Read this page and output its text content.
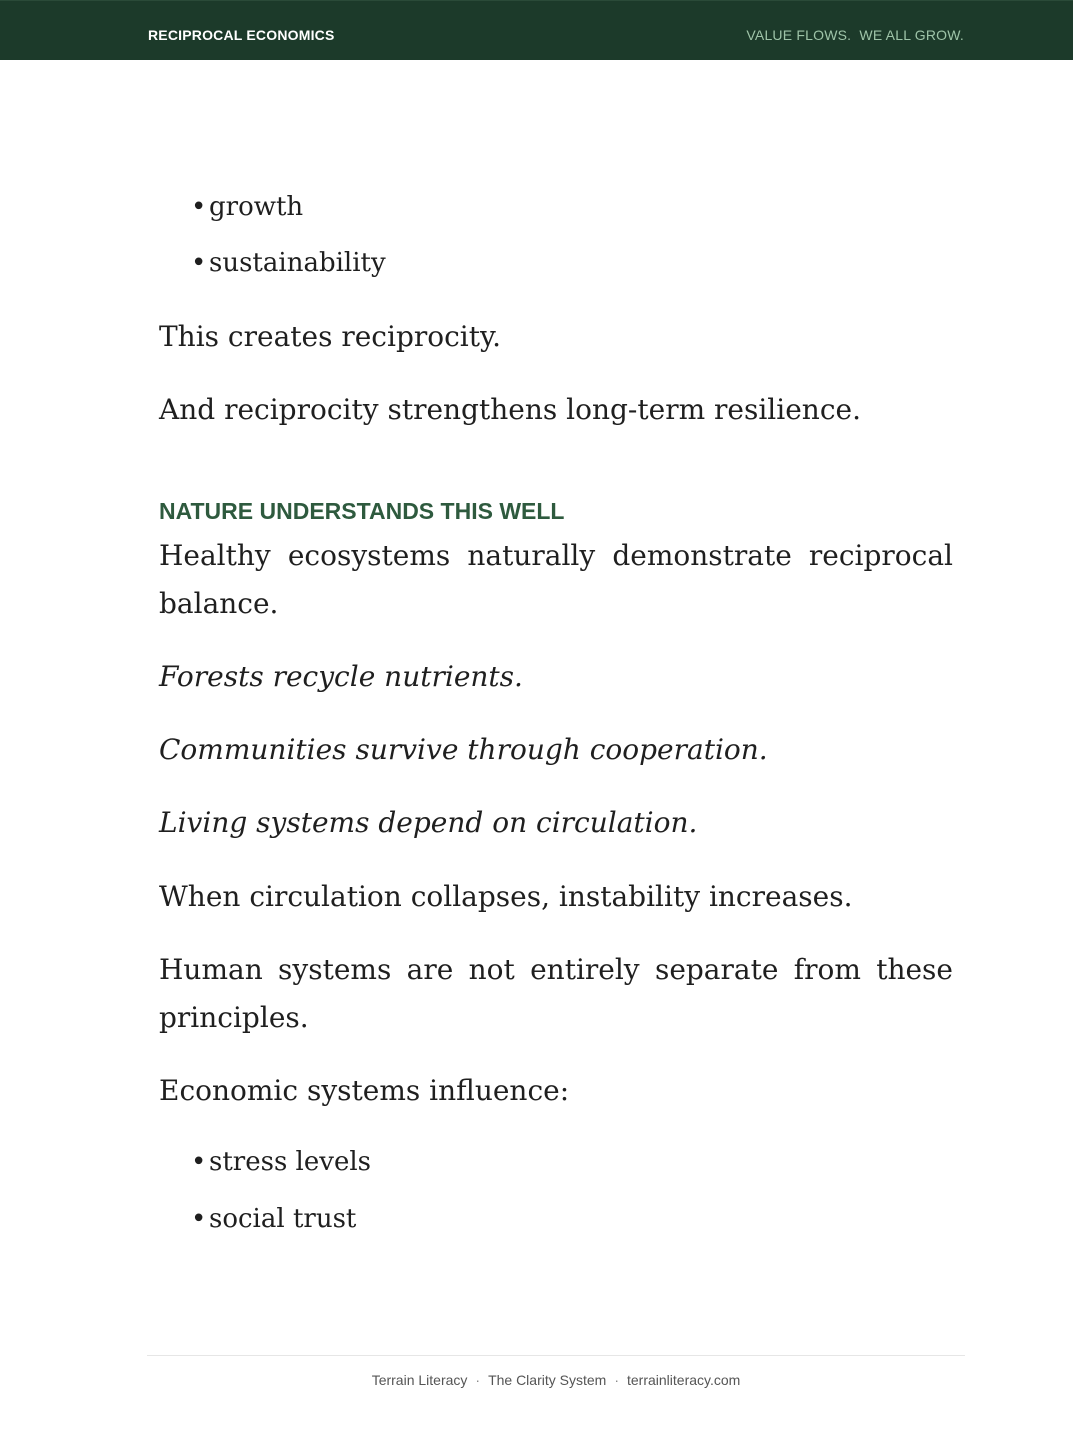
RECIPROCAL ECONOMICS	VALUE FLOWS.  WE ALL GROW.
• growth
• sustainability
This creates reciprocity.
And reciprocity strengthens long-term resilience.
NATURE UNDERSTANDS THIS WELL
Healthy ecosystems naturally demonstrate reciprocal balance.
Forests recycle nutrients.
Communities survive through cooperation.
Living systems depend on circulation.
When circulation collapses, instability increases.
Human systems are not entirely separate from these principles.
Economic systems influence:
• stress levels
• social trust
Terrain Literacy · The Clarity System · terrainliteracy.com
